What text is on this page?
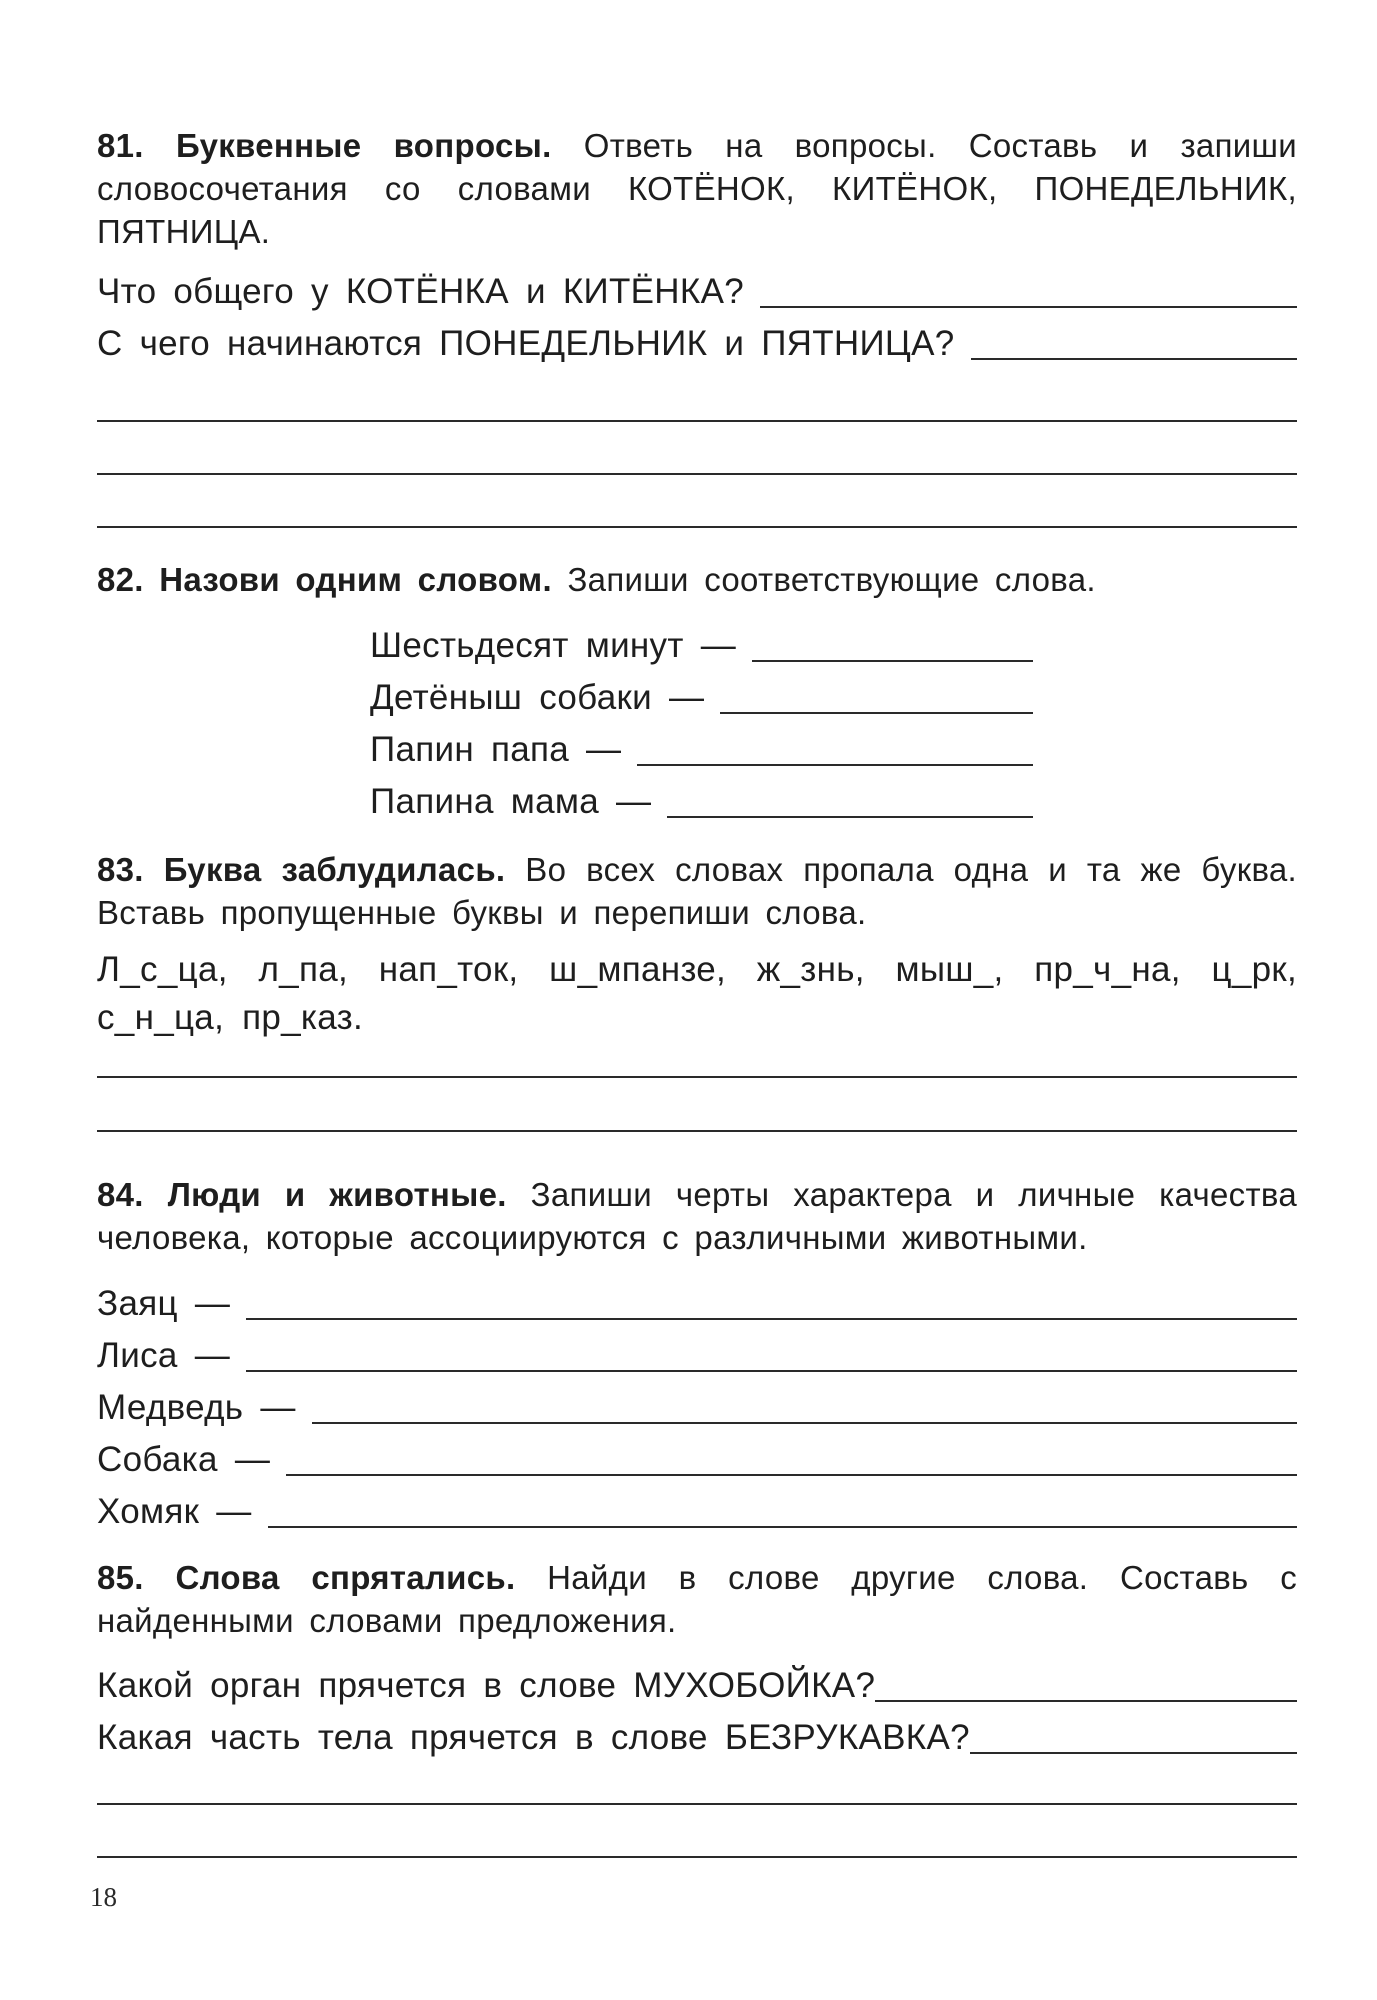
81. Буквенные вопросы. Ответь на вопросы. Составь и запиши словосочетания со словами КОТЁНОК, КИТЁНОК, ПОНЕДЕЛЬНИК, ПЯТНИЦА.
Что общего у КОТЁНКА и КИТЁНКА?
С чего начинаются ПОНЕДЕЛЬНИК и ПЯТНИЦА?
82. Назови одним словом. Запиши соответствующие слова.
Шестьдесят минут —
Детёныш собаки —
Папин папа —
Папина мама —
83. Буква заблудилась. Во всех словах пропала одна и та же буква. Вставь пропущенные буквы и перепиши слова.
Л_с_ца, л_па, нап_ток, ш_мпанзе, ж_знь, мыш_, пр_ч_на, ц_рк,
с_н_ца, пр_каз.
84. Люди и животные. Запиши черты характера и личные качества человека, которые ассоциируются с различными животными.
Заяц —
Лиса —
Медведь —
Собака —
Хомяк —
85. Слова спрятались. Найди в слове другие слова. Составь с найденными словами предложения.
Какой орган прячется в слове МУХОБОЙКА?
Какая часть тела прячется в слове БЕЗРУКАВКА?
18
